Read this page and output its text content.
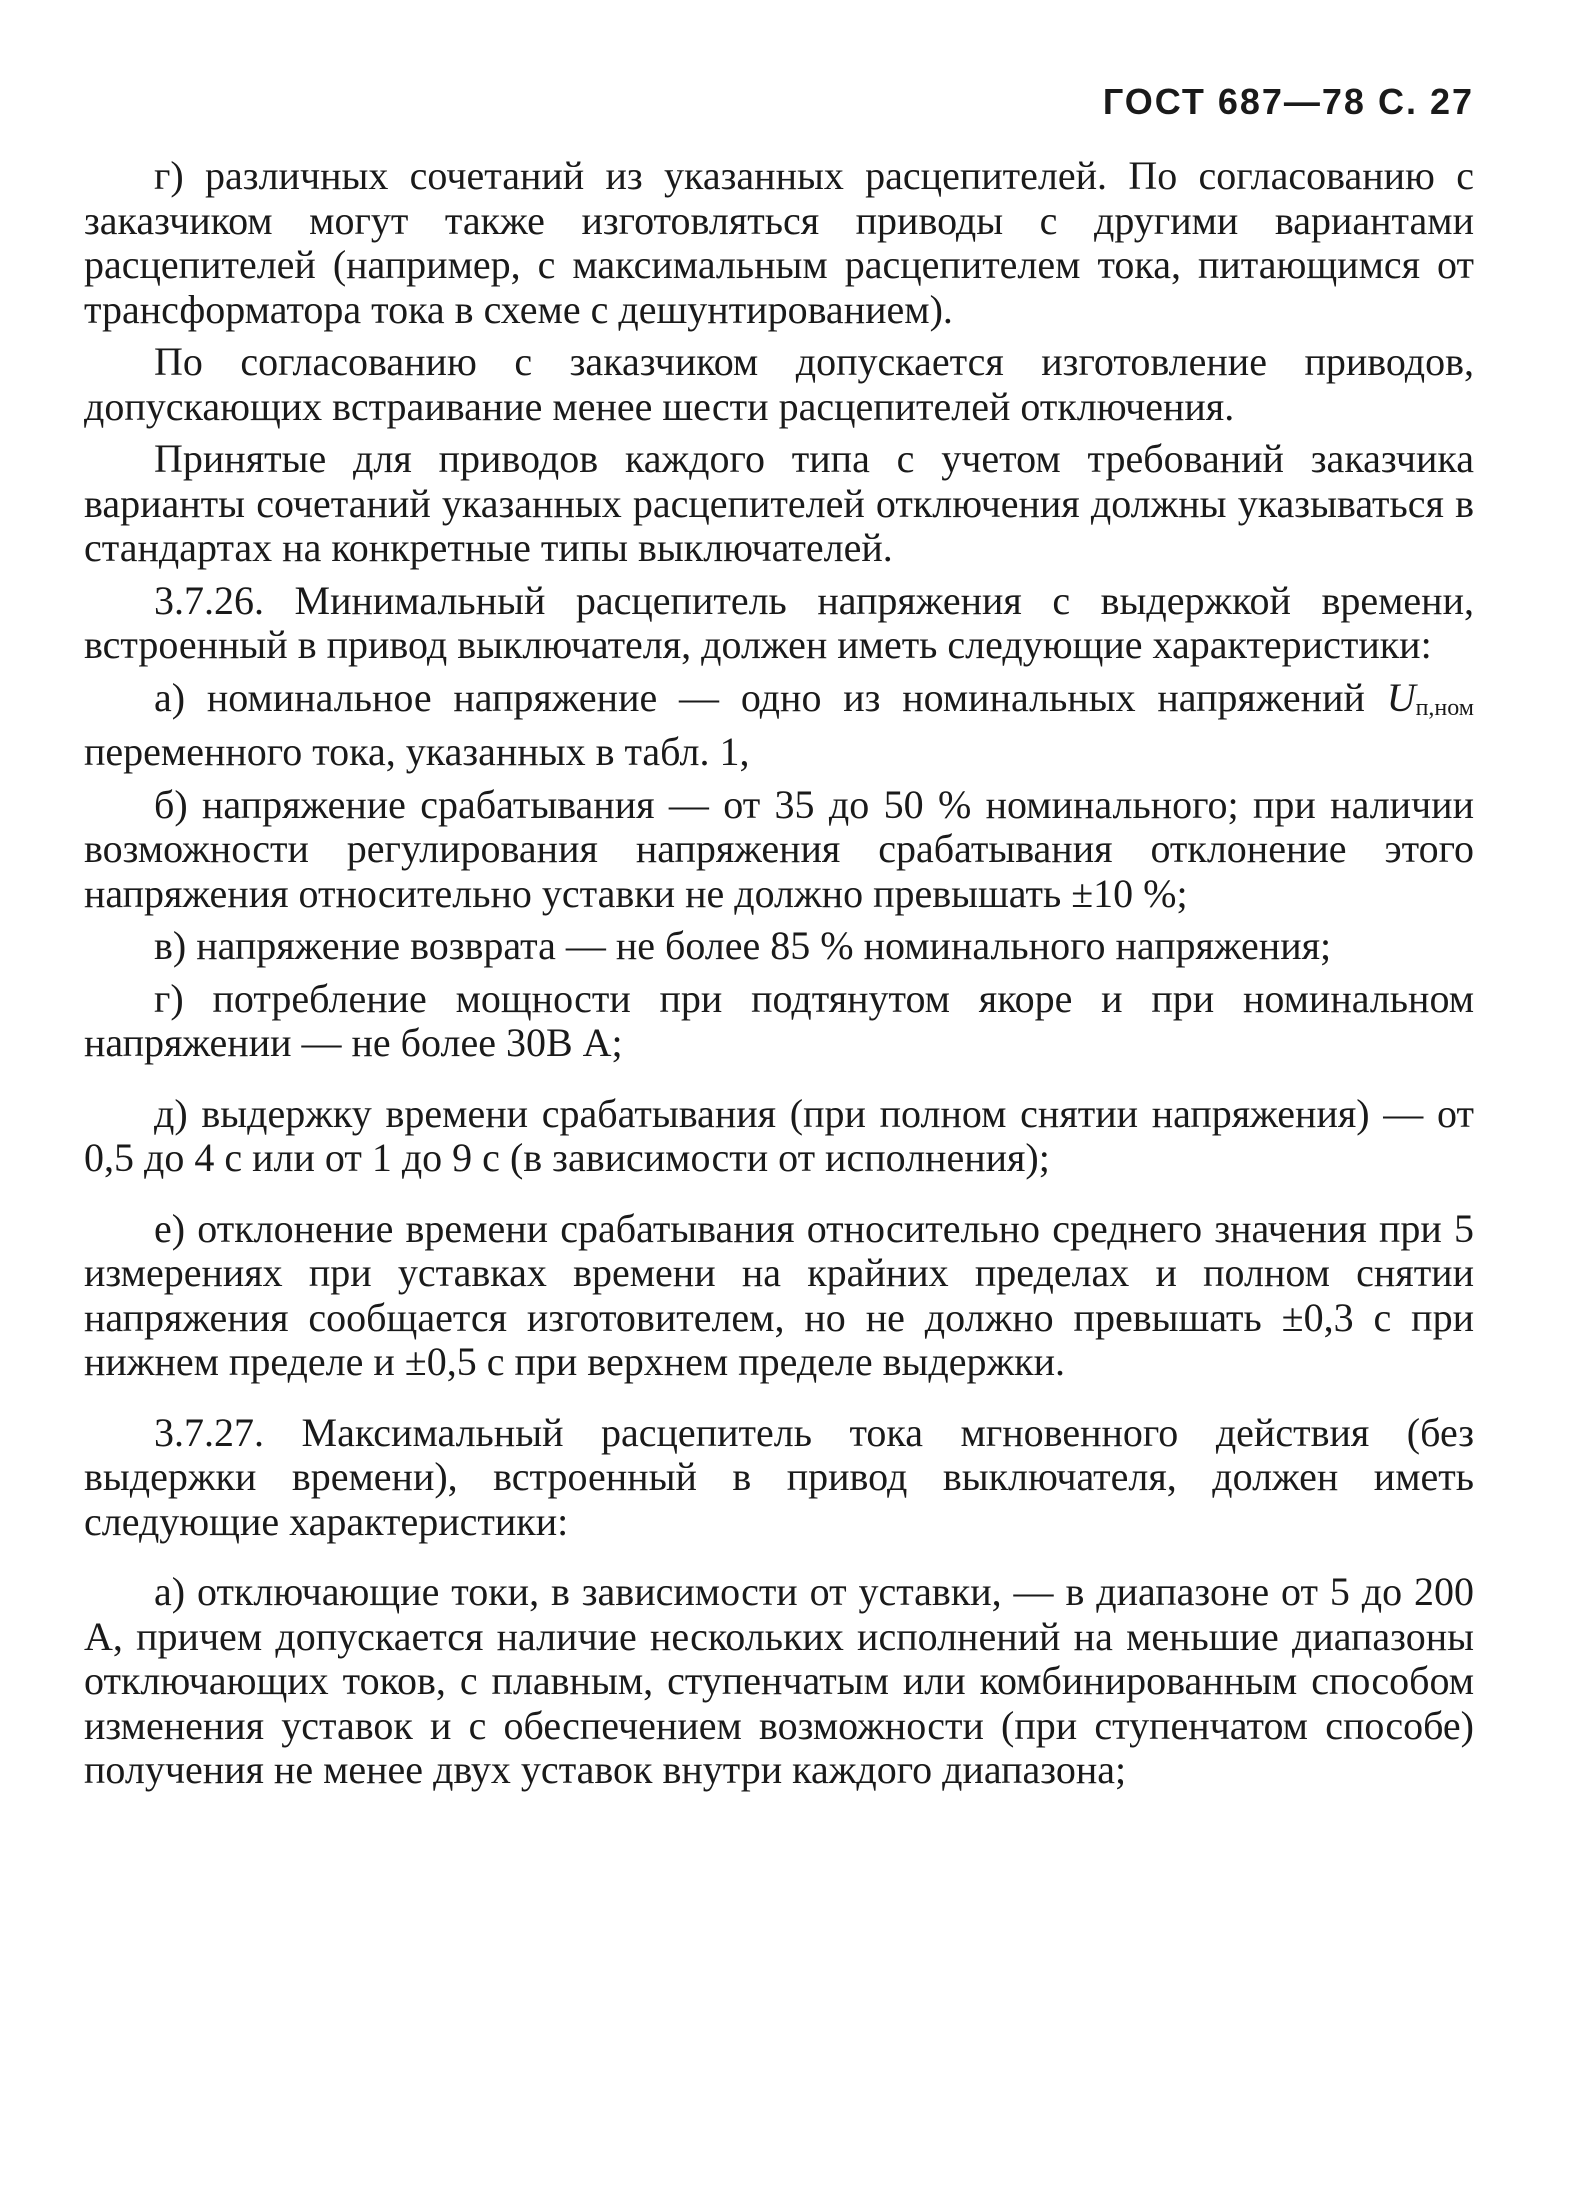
ГОСТ 687—78 С. 27

г) различных сочетаний из указанных расцепителей. По согласованию с заказчиком могут также изготовляться приводы с другими вариантами расцепителей (например, с максимальным расцепителем тока, питающимся от трансформатора тока в схеме с дешунтированием).

По согласованию с заказчиком допускается изготовление приводов, допускающих встраивание менее шести расцепителей отключения.

Принятые для приводов каждого типа с учетом требований заказчика варианты сочетаний указанных расцепителей отключения должны указываться в стандартах на конкретные типы выключателей.

3.7.26. Минимальный расцепитель напряжения с выдержкой времени, встроенный в привод выключателя, должен иметь следующие характеристики:

а) номинальное напряжение — одно из номинальных напряжений $U_{п,ном}$ переменного тока, указанных в табл. 1,

б) напряжение срабатывания — от 35 до 50 % номинального; при наличии возможности регулирования напряжения срабатывания отклонение этого напряжения относительно уставки не должно превышать ±10 %;

в) напряжение возврата — не более 85 % номинального напряжения;

г) потребление мощности при подтянутом якоре и при номинальном напряжении — не более 30В А;

д) выдержку времени срабатывания (при полном снятии напряжения) — от 0,5 до 4 с или от 1 до 9 с (в зависимости от исполнения);

е) отклонение времени срабатывания относительно среднего значения при 5 измерениях при уставках времени на крайних пределах и полном снятии напряжения сообщается изготовителем, но не должно превышать ±0,3 с при нижнем пределе и ±0,5 с при верхнем пределе выдержки.

3.7.27. Максимальный расцепитель тока мгновенного действия (без выдержки времени), встроенный в привод выключателя, должен иметь следующие характеристики:

а) отключающие токи, в зависимости от уставки, — в диапазоне от 5 до 200 А, причем допускается наличие нескольких исполнений на меньшие диапазоны отключающих токов, с плавным, ступенчатым или комбинированным способом изменения уставок и с обеспечением возможности (при ступенчатом способе) получения не менее двух уставок внутри каждого диапазона;
